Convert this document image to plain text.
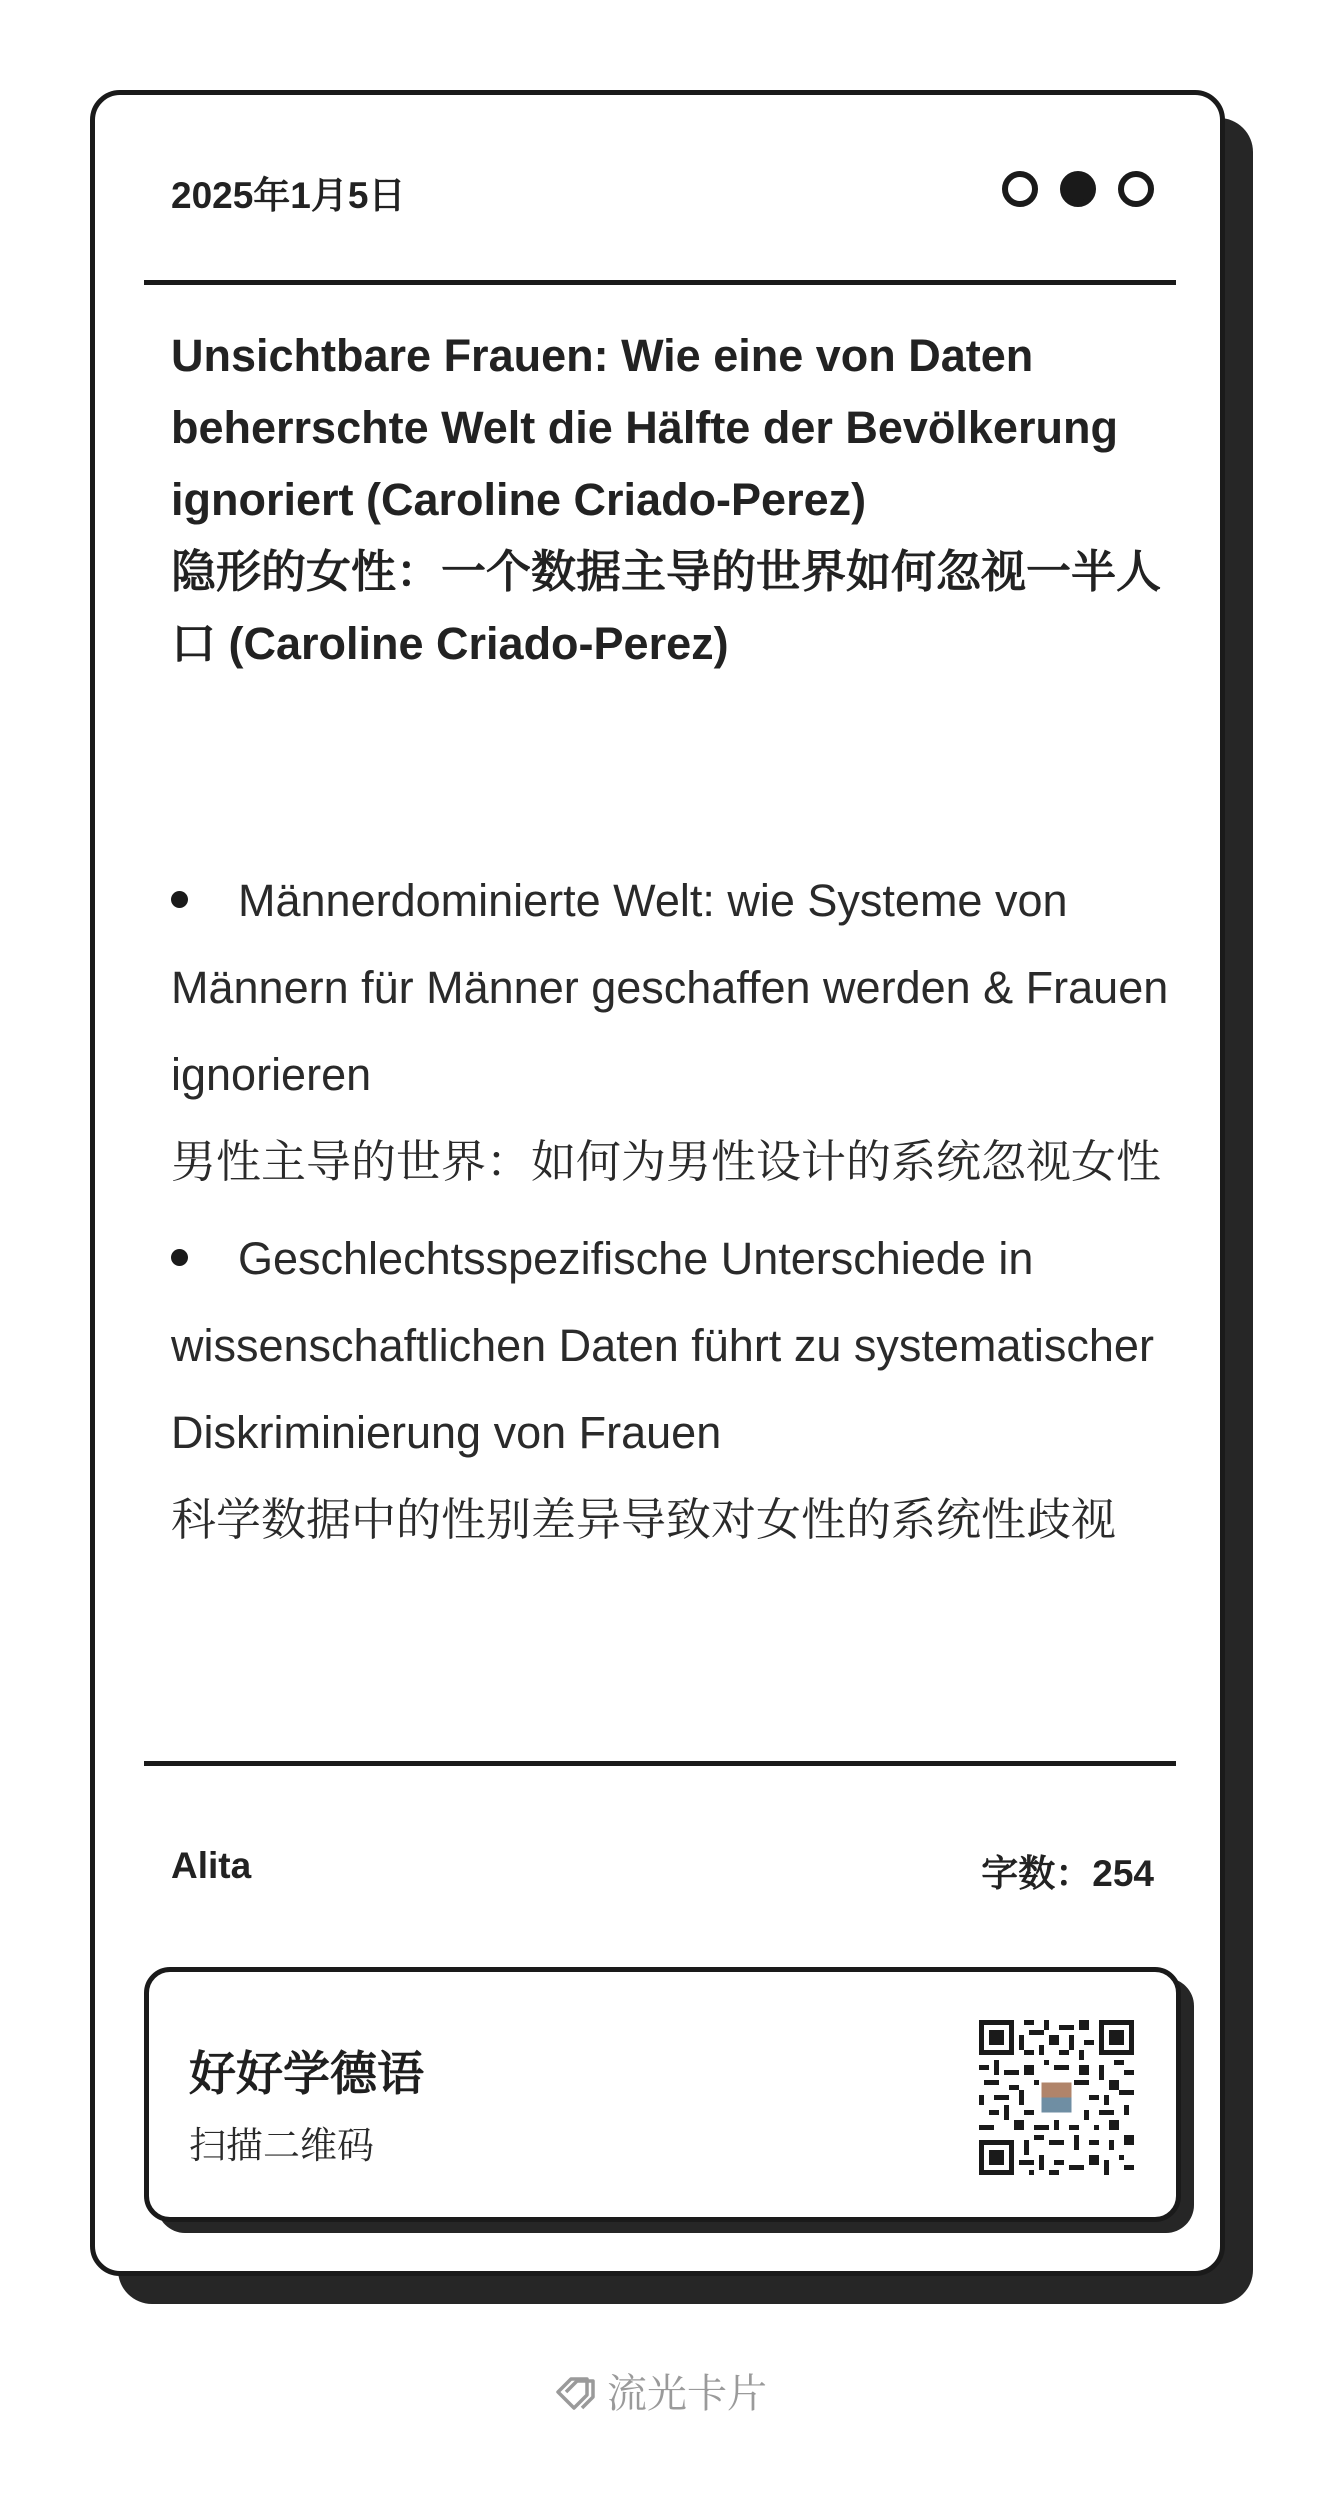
2025年1月5日
Unsichtbare Frauen: Wie eine von Daten beherrschte Welt die Hälfte der Bevölkerung ignoriert (Caroline Criado-Perez)
隐形的女性：一个数据主导的世界如何忽视一半人口 (Caroline Criado-Perez)
Männerdominierte Welt: wie Systeme von Männern für Männer geschaffen werden & Frauen ignorieren
男性主导的世界：如何为男性设计的系统忽视女性
Geschlechtsspezifische Unterschiede in wissenschaftlichen Daten führt zu systematischer Diskriminierung von Frauen
科学数据中的性别差异导致对女性的系统性歧视
Alita	字数：254
好好学德语
扫描二维码
流光卡片
